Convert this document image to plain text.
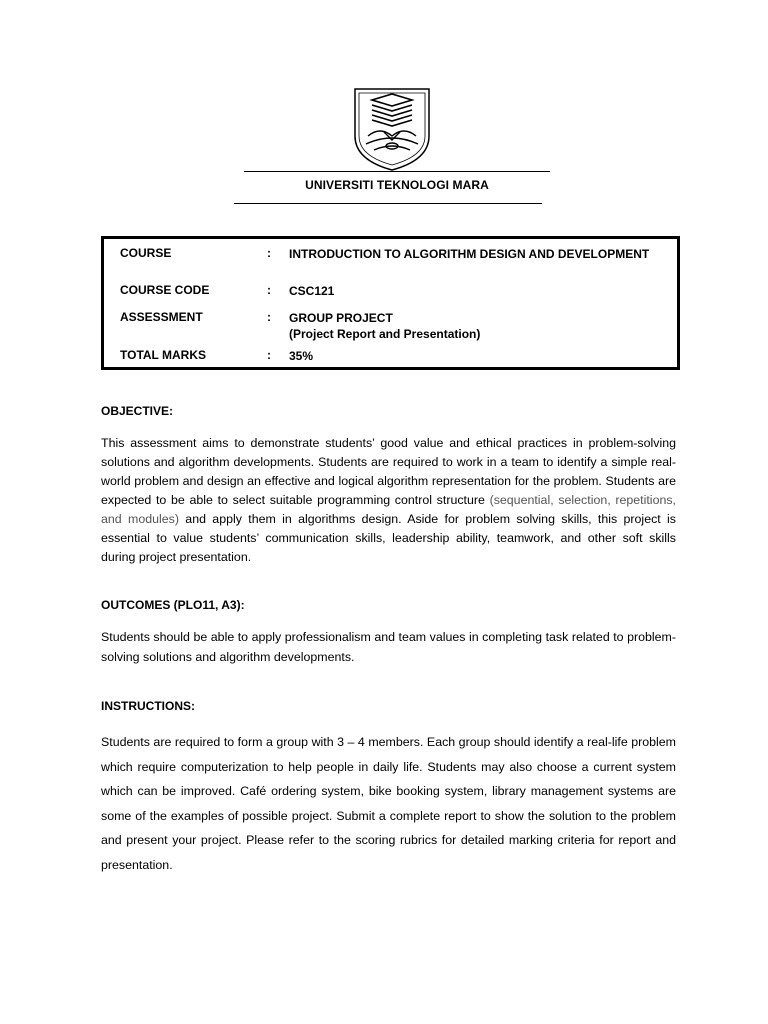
UNIVERSITI TEKNOLOGI MARA
COURSE	: INTRODUCTION TO ALGORITHM DESIGN AND DEVELOPMENT
COURSE CODE	: CSC121
ASSESSMENT	: GROUP PROJECT
(Project Report and Presentation)
TOTAL MARKS	: 35%
OBJECTIVE:

This assessment aims to demonstrate students’ good value and ethical practices in problem-solving solutions and algorithm developments. Students are required to work in a team to identify a simple real-world problem and design an effective and logical algorithm representation for the problem. Students are expected to be able to select suitable programming control structure (sequential, selection, repetitions, and modules) and apply them in algorithms design. Aside for problem solving skills, this project is essential to value students’ communication skills, leadership ability, teamwork, and other soft skills during project presentation.

OUTCOMES (PLO11, A3):

Students should be able to apply professionalism and team values in completing task related to problem-solving solutions and algorithm developments.

INSTRUCTIONS:

Students are required to form a group with 3 – 4 members. Each group should identify a real-life problem which require computerization to help people in daily life. Students may also choose a current system which can be improved. Café ordering system, bike booking system, library management systems are some of the examples of possible project. Submit a complete report to show the solution to the problem and present your project. Please refer to the scoring rubrics for detailed marking criteria for report and presentation.
